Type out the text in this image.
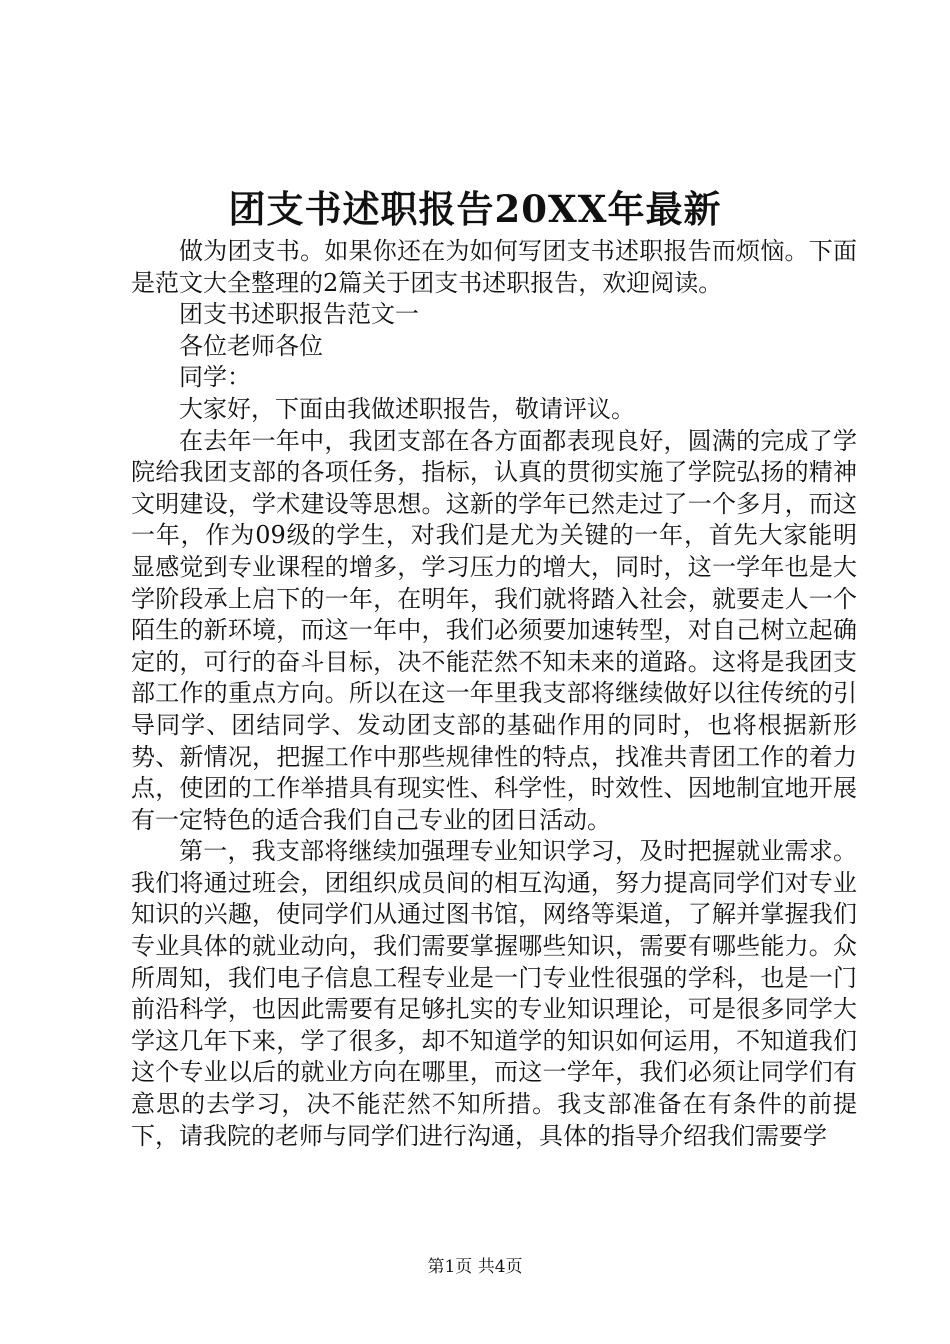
团支书述职报告20XX年最新

做为团支书。如果你还在为如何写团支书述职报告而烦恼。下面是范文大全整理的2篇关于团支书述职报告，欢迎阅读。

团支书述职报告范文一

各位老师各位

同学：

大家好，下面由我做述职报告，敬请评议。

在去年一年中，我团支部在各方面都表现良好，圆满的完成了学院给我团支部的各项任务，指标，认真的贯彻实施了学院弘扬的精神文明建设，学术建设等思想。这新的学年已然走过了一个多月，而这一年，作为09级的学生，对我们是尤为关键的一年，首先大家能明显感觉到专业课程的增多，学习压力的增大，同时，这一学年也是大学阶段承上启下的一年，在明年，我们就将踏入社会，就要走人一个陌生的新环境，而这一年中，我们必须要加速转型，对自己树立起确定的，可行的奋斗目标，决不能茫然不知未来的道路。这将是我团支部工作的重点方向。所以在这一年里我支部将继续做好以往传统的引导同学、团结同学、发动团支部的基础作用的同时，也将根据新形势、新情况，把握工作中那些规律性的特点，找准共青团工作的着力点，使团的工作举措具有现实性、科学性，时效性、因地制宜地开展有一定特色的适合我们自己专业的团日活动。

第一，我支部将继续加强理专业知识学习，及时把握就业需求。我们将通过班会，团组织成员间的相互沟通，努力提高同学们对专业知识的兴趣，使同学们从通过图书馆，网络等渠道，了解并掌握我们专业具体的就业动向，我们需要掌握哪些知识，需要有哪些能力。众所周知，我们电子信息工程专业是一门专业性很强的学科，也是一门前沿科学，也因此需要有足够扎实的专业知识理论，可是很多同学大学这几年下来，学了很多，却不知道学的知识如何运用，不知道我们这个专业以后的就业方向在哪里，而这一学年，我们必须让同学们有意思的去学习，决不能茫然不知所措。我支部准备在有条件的前提下，请我院的老师与同学们进行沟通，具体的指导介绍我们需要学

第1页 共4页
